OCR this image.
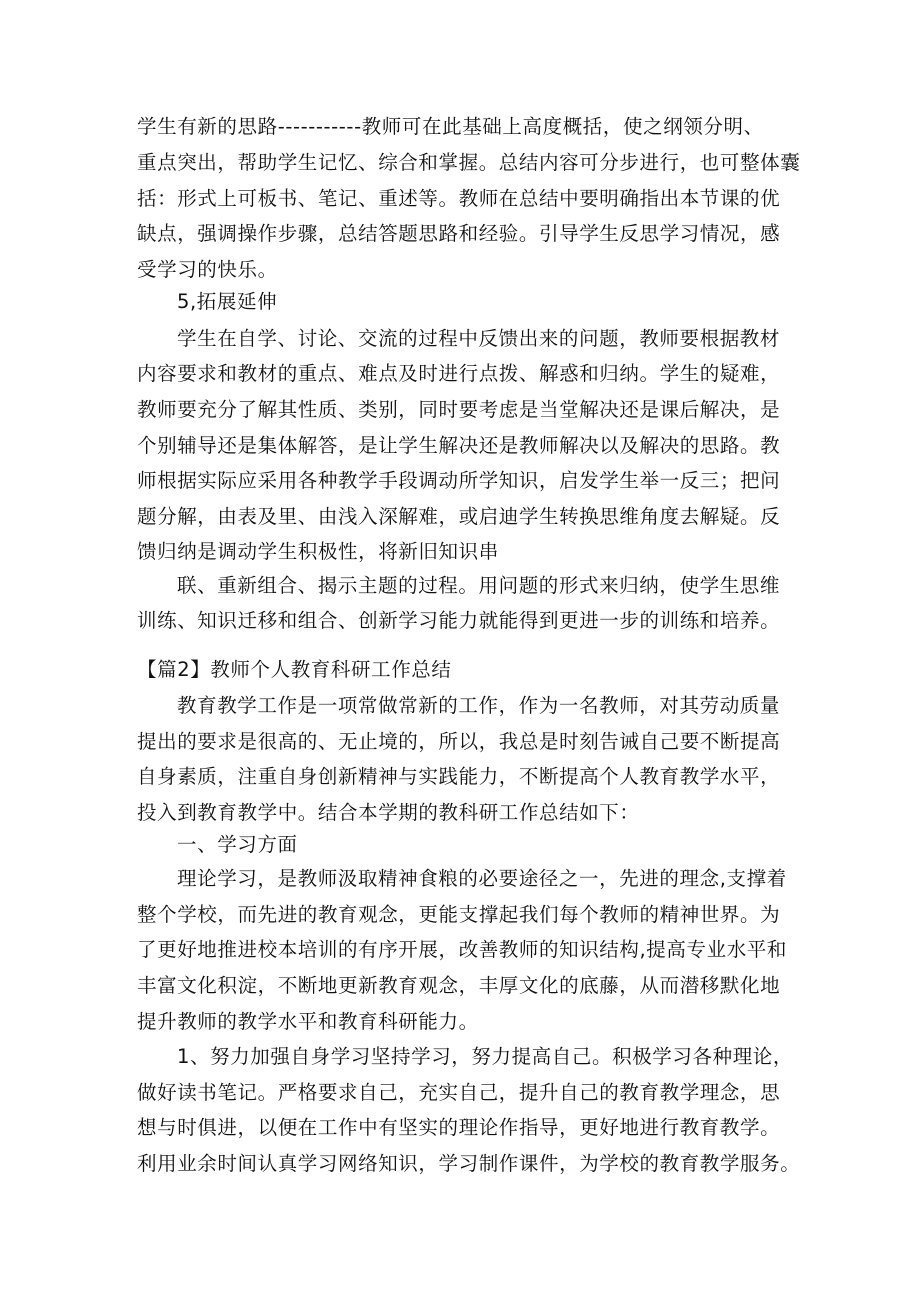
学生有新的思路-----------教师可在此基础上高度概括，使之纲领分明、
重点突出，帮助学生记忆、综合和掌握。总结内容可分步进行，也可整体囊
括：形式上可板书、笔记、重述等。教师在总结中要明确指出本节课的优
缺点，强调操作步骤，总结答题思路和经验。引导学生反思学习情况，感
受学习的快乐。
5,拓展延伸
学生在自学、讨论、交流的过程中反馈出来的问题，教师要根据教材
内容要求和教材的重点、难点及时进行点拨、解惑和归纳。学生的疑难，
教师要充分了解其性质、类别，同时要考虑是当堂解决还是课后解决，是
个别辅导还是集体解答，是让学生解决还是教师解决以及解决的思路。教
师根据实际应采用各种教学手段调动所学知识，启发学生举一反三；把问
题分解，由表及里、由浅入深解难，或启迪学生转换思维角度去解疑。反
馈归纳是调动学生积极性，将新旧知识串
联、重新组合、揭示主题的过程。用问题的形式来归纳，使学生思维
训练、知识迁移和组合、创新学习能力就能得到更进一步的训练和培养。
【篇2】教师个人教育科研工作总结
教育教学工作是一项常做常新的工作，作为一名教师，对其劳动质量
提出的要求是很高的、无止境的，所以，我总是时刻告诫自己要不断提高
自身素质，注重自身创新精神与实践能力，不断提高个人教育教学水平，
投入到教育教学中。结合本学期的教科研工作总结如下：
一、学习方面
理论学习，是教师汲取精神食粮的必要途径之一，先进的理念,支撑着
整个学校，而先进的教育观念，更能支撑起我们每个教师的精神世界。为
了更好地推进校本培训的有序开展，改善教师的知识结构,提高专业水平和
丰富文化积淀，不断地更新教育观念，丰厚文化的底藤，从而潜移默化地
提升教师的教学水平和教育科研能力。
1、努力加强自身学习坚持学习，努力提高自己。积极学习各种理论，
做好读书笔记。严格要求自己，充实自己，提升自己的教育教学理念，思
想与时俱进，以便在工作中有坚实的理论作指导，更好地进行教育教学。
利用业余时间认真学习网络知识，学习制作课件，为学校的教育教学服务。
